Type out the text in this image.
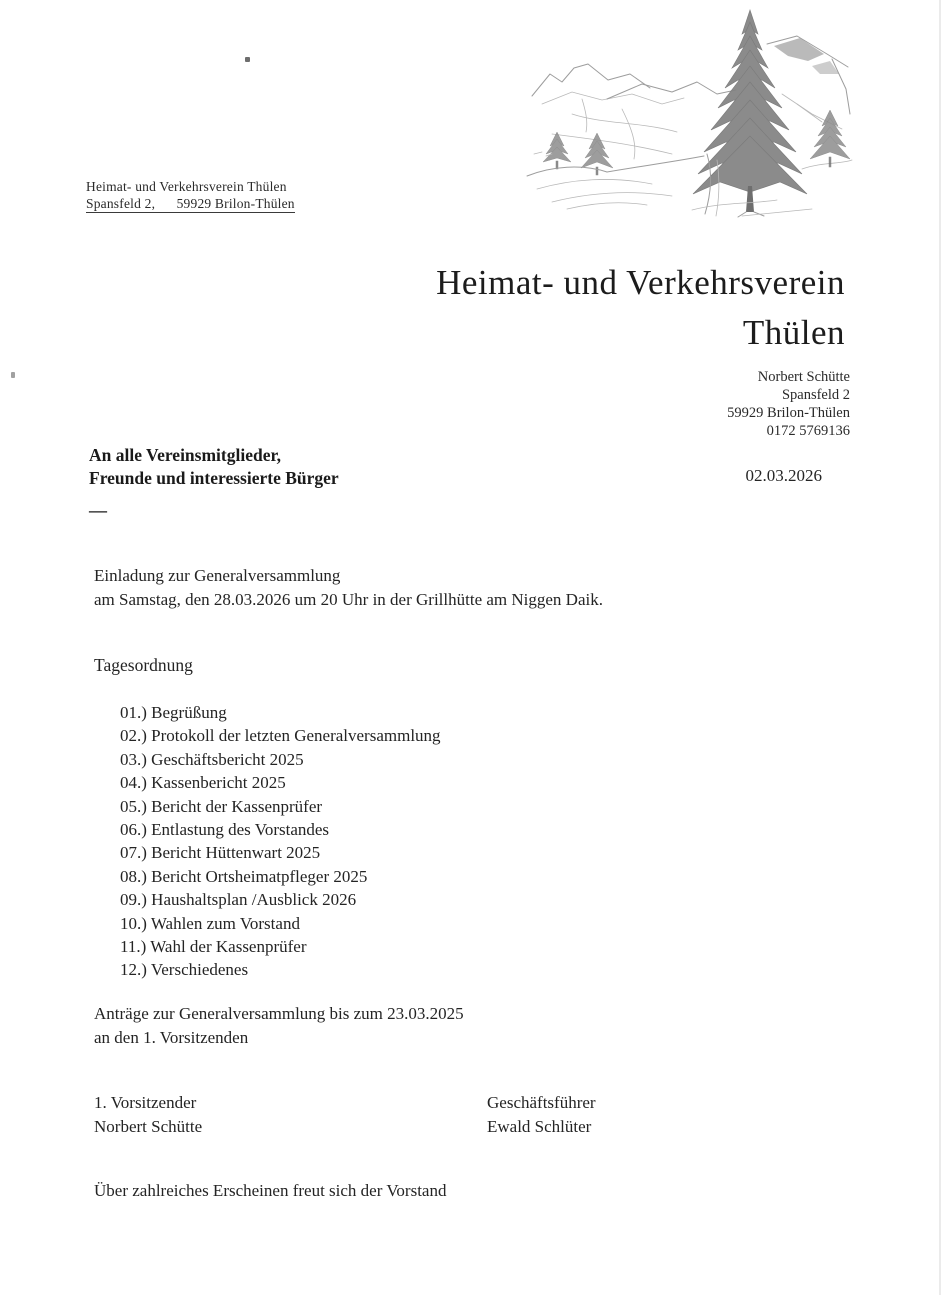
Heimat- und Verkehrsverein Thülen
Spansfeld 2,      59929 Brilon-Thülen
Heimat- und Verkehrsverein
Thülen
Norbert Schütte
Spansfeld 2
59929 Brilon-Thülen
0172 5769136
An alle Vereinsmitglieder,
Freunde und interessierte Bürger
—
02.03.2026
Einladung zur Generalversammlung
am Samstag, den 28.03.2026 um 20 Uhr in der Grillhütte am Niggen Daik.
Tagesordnung
01.) Begrüßung
02.) Protokoll der letzten Generalversammlung
03.) Geschäftsbericht 2025
04.) Kassenbericht 2025
05.) Bericht der Kassenprüfer
06.) Entlastung des Vorstandes
07.) Bericht Hüttenwart 2025
08.) Bericht Ortsheimatpfleger 2025
09.) Haushaltsplan /Ausblick 2026
10.) Wahlen zum Vorstand
11.) Wahl der Kassenprüfer
12.) Verschiedenes
Anträge zur Generalversammlung bis zum 23.03.2025
an den 1. Vorsitzenden
1. Vorsitzender
Norbert Schütte
Geschäftsführer
Ewald Schlüter
Über zahlreiches Erscheinen freut sich der Vorstand
